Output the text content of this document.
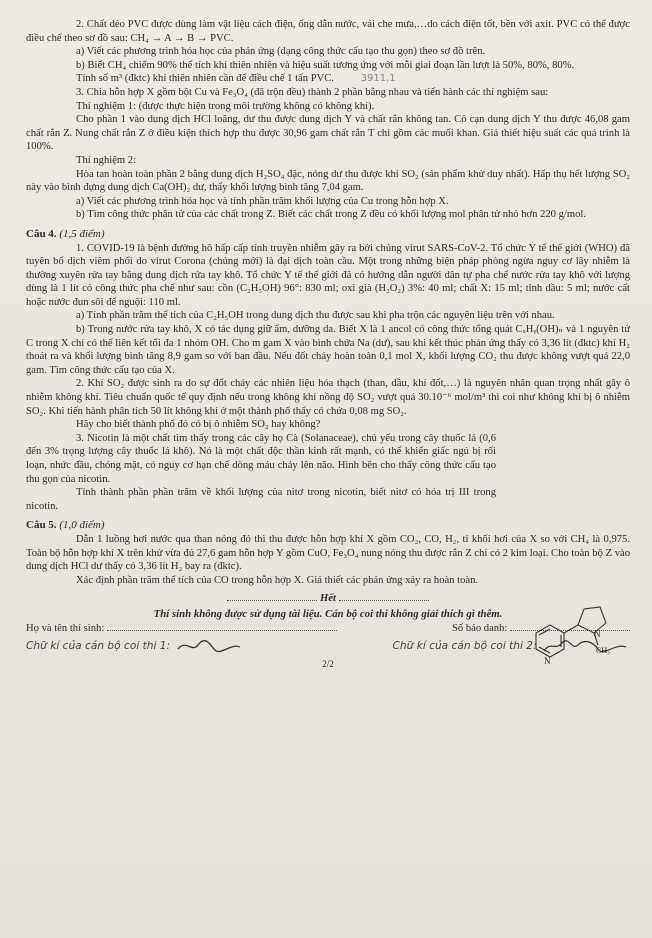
2. Chất dẻo PVC được dùng làm vật liệu cách điện, ống dẫn nước, vải che mưa,…do cách điện tốt, bền với axit. PVC có thể được điều chế theo sơ đồ sau: CH₄ → A → B → PVC.

a) Viết các phương trình hóa học của phản ứng (dạng công thức cấu tạo thu gọn) theo sơ đồ trên.

b) Biết CH₄ chiếm 90% thể tích khí thiên nhiên và hiệu suất tương ứng với mỗi giai đoạn lần lượt là 50%, 80%, 80%.

Tính số m³ (đktc) khí thiên nhiên cần để điều chế 1 tấn PVC.	3911,1

3. Chia hỗn hợp X gồm bột Cu và Fe₃O₄ (đã trộn đều) thành 2 phần bằng nhau và tiến hành các thí nghiệm sau:

Thí nghiệm 1: (được thực hiện trong môi trường không có không khí).

Cho phần 1 vào dung dịch HCl loãng, dư thu được dung dịch Y và chất rắn không tan. Cô cạn dung dịch Y thu được 46,08 gam chất rắn Z. Nung chất rắn Z ở điều kiện thích hợp thu được 30,96 gam chất rắn T chỉ gồm các muối khan. Giả thiết hiệu suất các quá trình là 100%.

Thí nghiệm 2:

Hòa tan hoàn toàn phần 2 bằng dung dịch H₂SO₄ đặc, nóng dư thu được khí SO₂ (sản phẩm khử duy nhất). Hấp thụ hết lượng SO₂ này vào bình đựng dung dịch Ca(OH)₂ dư, thấy khối lượng bình tăng 7,04 gam.

a) Viết các phương trình hóa học và tính phần trăm khối lượng của Cu trong hỗn hợp X.

b) Tìm công thức phân tử của các chất trong Z. Biết các chất trong Z đều có khối lượng mol phân tử nhỏ hơn 220 g/mol.

Câu 4. (1,5 điểm)

1. COVID-19 là bệnh đường hô hấp cấp tính truyền nhiễm gây ra bởi chủng virut SARS-CoV-2. Tổ chức Y tế thế giới (WHO) đã tuyên bố dịch viêm phổi do virut Corona (chủng mới) là đại dịch toàn cầu. Một trong những biện pháp phòng ngừa nguy cơ lây nhiễm là thường xuyên rửa tay bằng dung dịch rửa tay khô. Tổ chức Y tế thế giới đã có hướng dẫn người dân tự pha chế nước rửa tay khô với lượng dùng là 1 lít có công thức pha chế như sau: cồn (C₂H₅OH) 96°: 830 ml; oxi già (H₂O₂) 3%: 40 ml; chất X: 15 ml; tinh dầu: 5 ml; nước cất hoặc nước đun sôi để nguội: 110 ml.

a) Tính phần trăm thể tích của C₂H₅OH trong dung dịch thu được sau khi pha trộn các nguyên liệu trên với nhau.

b) Trong nước rửa tay khô, X có tác dụng giữ ẩm, dưỡng da. Biết X là 1 ancol có công thức tổng quát CₓHᵧ(OH)ₙ và 1 nguyên tử C trong X chỉ có thể liên kết tối đa 1 nhóm OH. Cho m gam X vào bình chứa Na (dư), sau khi kết thúc phản ứng thấy có 3,36 lít (đktc) khí H₂ thoát ra và khối lượng bình tăng 8,9 gam so với ban đầu. Nếu đốt cháy hoàn toàn 0,1 mol X, khối lượng CO₂ thu được không vượt quá 22,0 gam. Tìm công thức cấu tạo của X.

2. Khí SO₂ được sinh ra do sự đốt cháy các nhiên liệu hóa thạch (than, dầu, khí đốt,…) là nguyên nhân quan trọng nhất gây ô nhiễm không khí. Tiêu chuẩn quốc tế quy định nếu trong không khí nồng độ SO₂ vượt quá 30.10⁻⁶ mol/m³ thì coi như không khí bị ô nhiễm SO₂. Khi tiến hành phân tích 50 lít không khí ở một thành phố thấy có chứa 0,08 mg SO₂.

Hãy cho biết thành phố đó có bị ô nhiễm SO₂ hay không?

3. Nicotin là một chất tìm thấy trong các cây họ Cà (Solanaceae), chủ yếu trong cây thuốc lá (0,6 đến 3% trọng lượng cây thuốc lá khô). Nó là một chất độc thần kinh rất mạnh, có thể khiến giấc ngủ bị rối loạn, nhức đầu, chóng mặt, có nguy cơ hạn chế dòng máu chảy lên não. Hình bên cho thấy công thức cấu tạo thu gọn của nicotin.

Tính thành phần phần trăm về khối lượng của nitơ trong nicotin, biết nitơ có hóa trị III trong nicotin.

N
CH₃
N

Câu 5. (1,0 điểm)

Dẫn 1 luồng hơi nước qua than nóng đỏ thì thu được hỗn hợp khí X gồm CO₂, CO, H₂, tỉ khối hơi của X so với CH₄ là 0,975. Toàn bộ hỗn hợp khí X trên khử vừa đủ 27,6 gam hỗn hợp Y gồm CuO, Fe₃O₄ nung nóng thu được rắn Z chỉ có 2 kim loại. Cho toàn bộ Z vào dung dịch HCl dư thấy có 3,36 lít H₂ bay ra (đktc).

Xác định phần trăm thể tích của CO trong hỗn hợp X. Giả thiết các phản ứng xảy ra hoàn toàn.

Hết
Thí sinh không được sử dụng tài liệu. Cán bộ coi thi không giải thích gì thêm.
Họ và tên thí sinh:	Số báo danh:
Chữ kí của cán bộ coi thi 1:	Chữ kí của cán bộ coi thi 2:
2/2
